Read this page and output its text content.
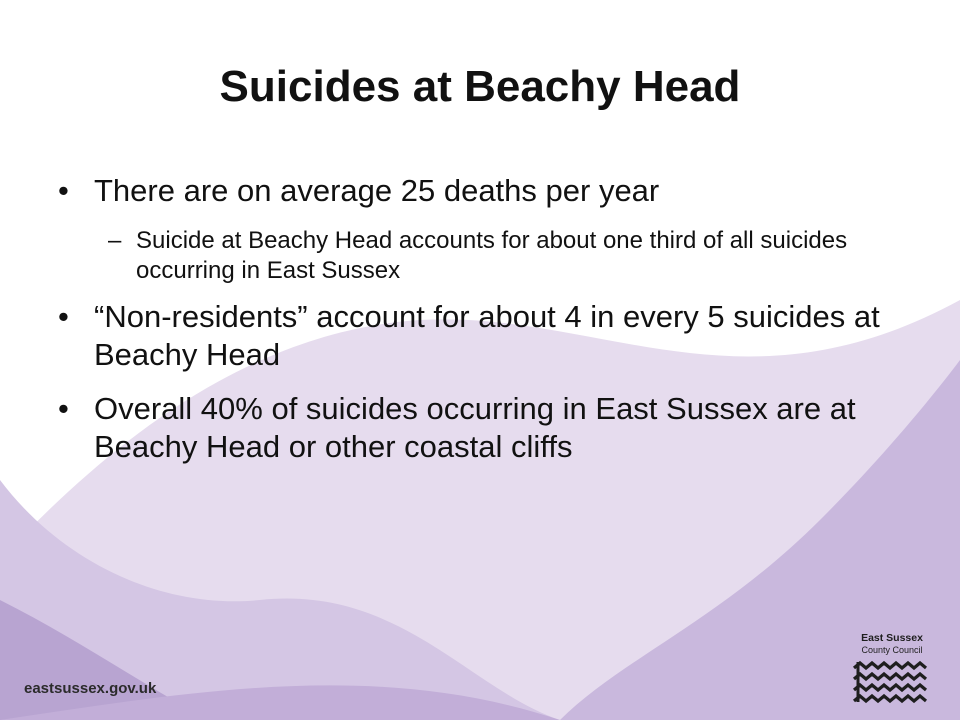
Suicides at Beachy Head
• There are on average 25 deaths per year
– Suicide at Beachy Head accounts for about one third of all suicides occurring in East Sussex
• “Non-residents” account for about 4 in every 5 suicides at Beachy Head
• Overall 40% of suicides occurring in East Sussex are at Beachy Head or other coastal cliffs
eastsussex.gov.uk
East Sussex
County Council
